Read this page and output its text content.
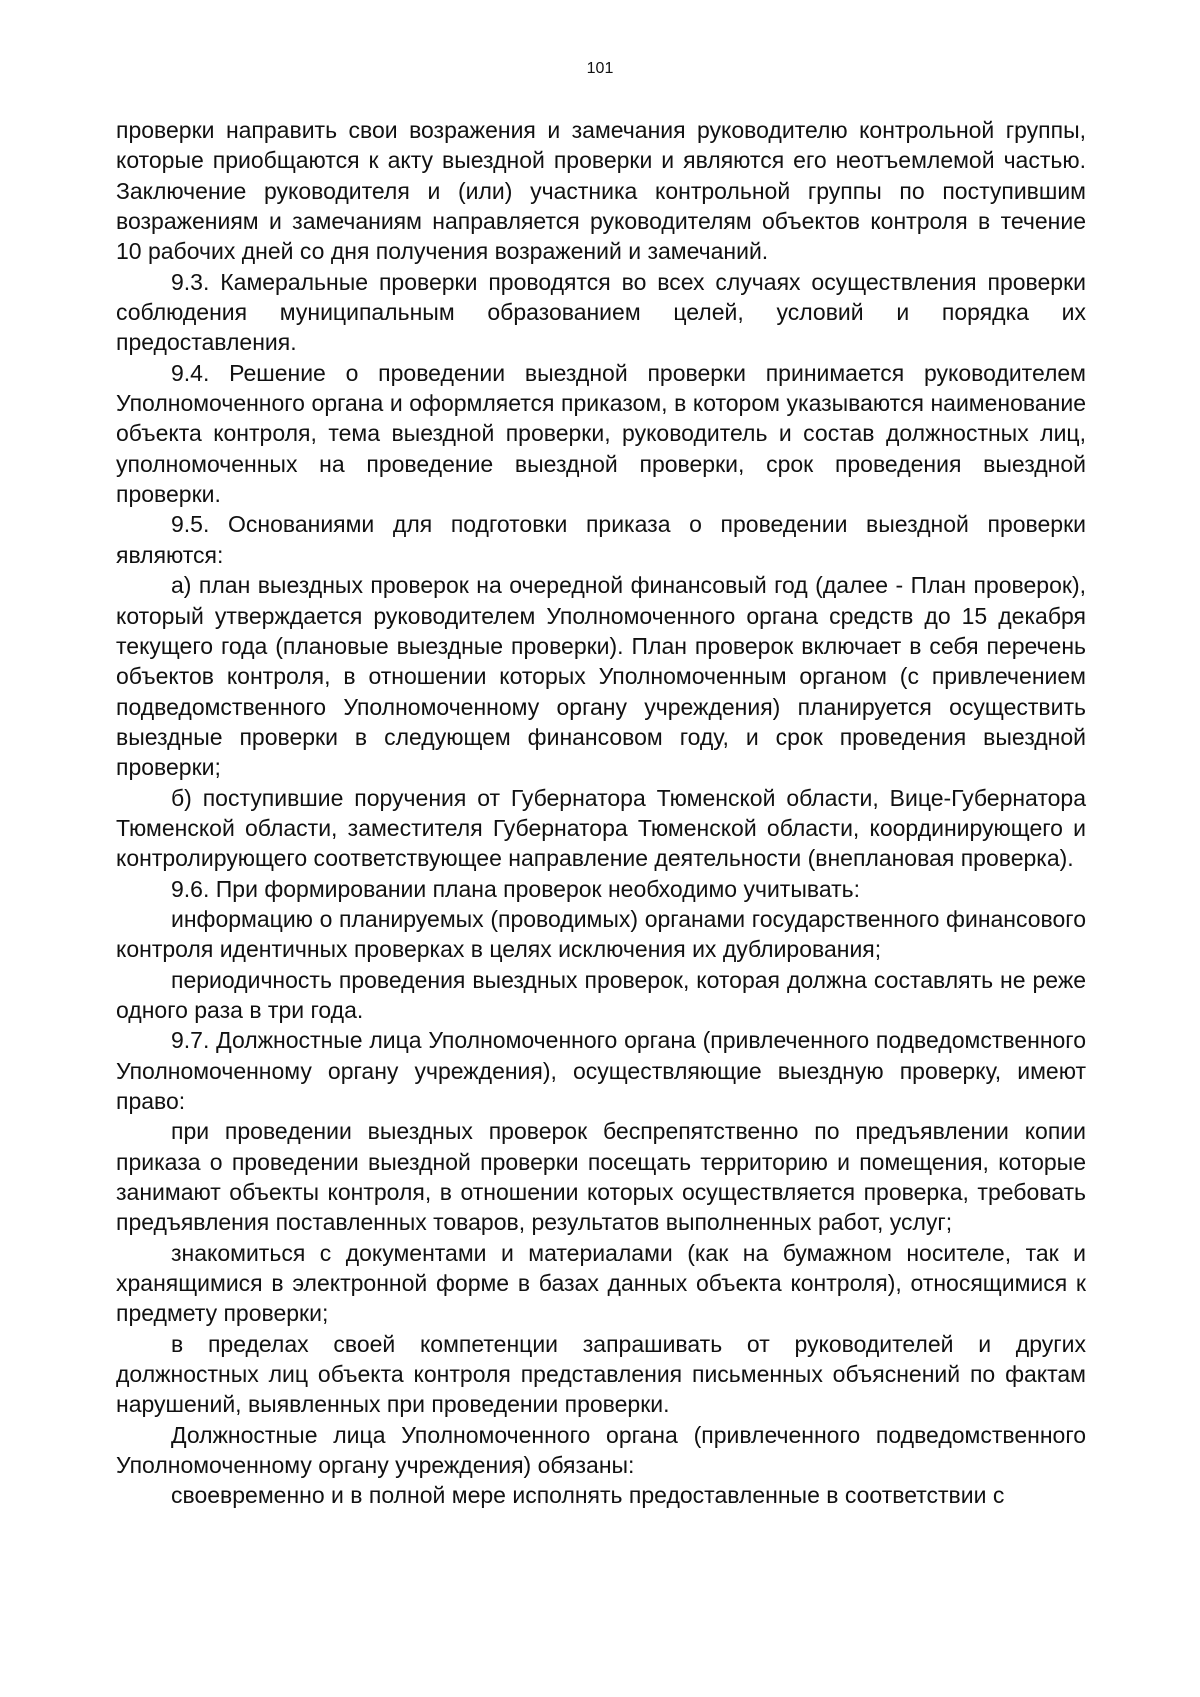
101

проверки направить свои возражения и замечания руководителю контрольной группы, которые приобщаются к акту выездной проверки и являются его неотъемлемой частью. Заключение руководителя и (или) участника контрольной группы по поступившим возражениям и замечаниям направляется руководителям объектов контроля в течение 10 рабочих дней со дня получения возражений и замечаний.

9.3. Камеральные проверки проводятся во всех случаях осуществления проверки соблюдения муниципальным образованием целей, условий и порядка их предоставления.

9.4. Решение о проведении выездной проверки принимается руководителем Уполномоченного органа и оформляется приказом, в котором указываются наименование объекта контроля, тема выездной проверки, руководитель и состав должностных лиц, уполномоченных на проведение выездной проверки, срок проведения выездной проверки.

9.5. Основаниями для подготовки приказа о проведении выездной проверки являются:

а) план выездных проверок на очередной финансовый год (далее - План проверок), который утверждается руководителем Уполномоченного органа средств до 15 декабря текущего года (плановые выездные проверки). План проверок включает в себя перечень объектов контроля, в отношении которых Уполномоченным органом (с привлечением подведомственного Уполномоченному органу учреждения) планируется осуществить выездные проверки в следующем финансовом году, и срок проведения выездной проверки;

б) поступившие поручения от Губернатора Тюменской области, Вице-Губернатора Тюменской области, заместителя Губернатора Тюменской области, координирующего и контролирующего соответствующее направление деятельности (внеплановая проверка).

9.6. При формировании плана проверок необходимо учитывать:

информацию о планируемых (проводимых) органами государственного финансового контроля идентичных проверках в целях исключения их дублирования;

периодичность проведения выездных проверок, которая должна составлять не реже одного раза в три года.

9.7. Должностные лица Уполномоченного органа (привлеченного подведомственного Уполномоченному органу учреждения), осуществляющие выездную проверку, имеют право:

при проведении выездных проверок беспрепятственно по предъявлении копии приказа о проведении выездной проверки посещать территорию и помещения, которые занимают объекты контроля, в отношении которых осуществляется проверка, требовать предъявления поставленных товаров, результатов выполненных работ, услуг;

знакомиться с документами и материалами (как на бумажном носителе, так и хранящимися в электронной форме в базах данных объекта контроля), относящимися к предмету проверки;

в пределах своей компетенции запрашивать от руководителей и других должностных лиц объекта контроля представления письменных объяснений по фактам нарушений, выявленных при проведении проверки.

Должностные лица Уполномоченного органа (привлеченного подведомственного Уполномоченному органу учреждения) обязаны:

своевременно и в полной мере исполнять предоставленные в соответствии с
